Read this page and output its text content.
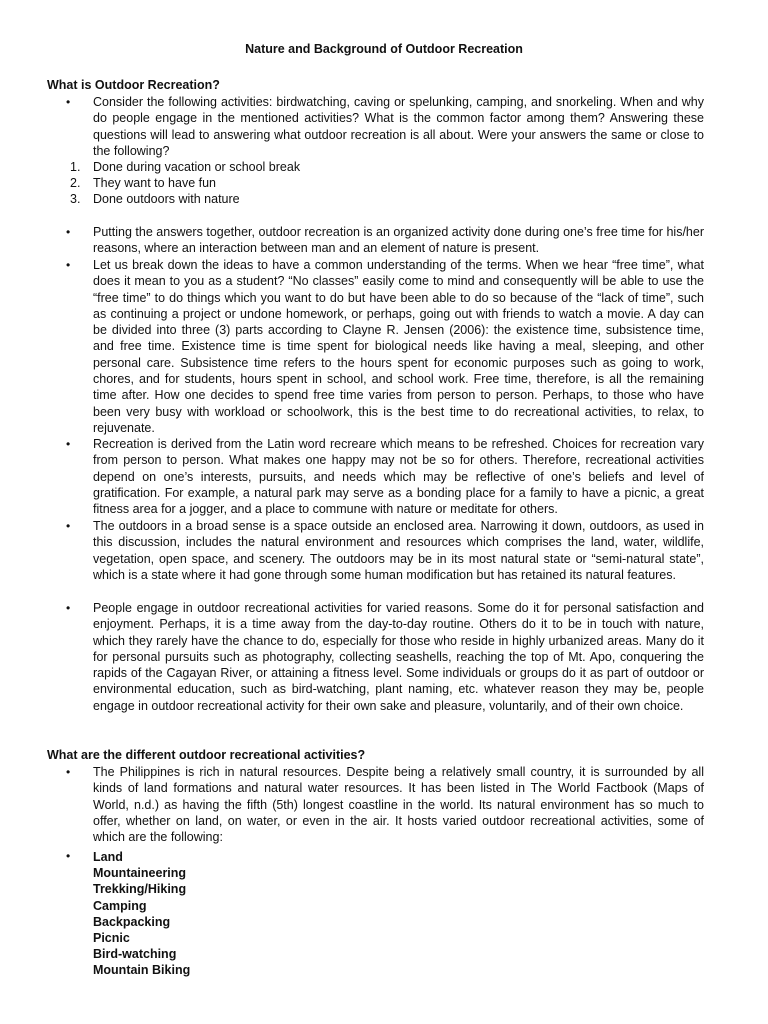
Nature and Background of Outdoor Recreation
What is Outdoor Recreation?
• Consider the following activities: birdwatching, caving or spelunking, camping, and snorkeling. When and why do people engage in the mentioned activities? What is the common factor among them? Answering these questions will lead to answering what outdoor recreation is all about. Were your answers the same or close to the following?
1. Done during vacation or school break
2. They want to have fun
3. Done outdoors with nature
• Putting the answers together, outdoor recreation is an organized activity done during one’s free time for his/her reasons, where an interaction between man and an element of nature is present.
• Let us break down the ideas to have a common understanding of the terms. When we hear “free time”, what does it mean to you as a student? “No classes” easily come to mind and consequently will be able to use the “free time” to do things which you want to do but have been able to do so because of the “lack of time”, such as continuing a project or undone homework, or perhaps, going out with friends to watch a movie. A day can be divided into three (3) parts according to Clayne R. Jensen (2006): the existence time, subsistence time, and free time. Existence time is time spent for biological needs like having a meal, sleeping, and other personal care. Subsistence time refers to the hours spent for economic purposes such as going to work, chores, and for students, hours spent in school, and school work. Free time, therefore, is all the remaining time after. How one decides to spend free time varies from person to person. Perhaps, to those who have been very busy with workload or schoolwork, this is the best time to do recreational activities, to relax, to rejuvenate.
• Recreation is derived from the Latin word recreare which means to be refreshed. Choices for recreation vary from person to person. What makes one happy may not be so for others. Therefore, recreational activities depend on one’s interests, pursuits, and needs which may be reflective of one’s beliefs and level of gratification. For example, a natural park may serve as a bonding place for a family to have a picnic, a great fitness area for a jogger, and a place to commune with nature or meditate for others.
• The outdoors in a broad sense is a space outside an enclosed area. Narrowing it down, outdoors, as used in this discussion, includes the natural environment and resources which comprises the land, water, wildlife, vegetation, open space, and scenery. The outdoors may be in its most natural state or “semi-natural state”, which is a state where it had gone through some human modification but has retained its natural features.
• People engage in outdoor recreational activities for varied reasons. Some do it for personal satisfaction and enjoyment. Perhaps, it is a time away from the day-to-day routine. Others do it to be in touch with nature, which they rarely have the chance to do, especially for those who reside in highly urbanized areas. Many do it for personal pursuits such as photography, collecting seashells, reaching the top of Mt. Apo, conquering the rapids of the Cagayan River, or attaining a fitness level. Some individuals or groups do it as part of outdoor or environmental education, such as bird-watching, plant naming, etc. whatever reason they may be, people engage in outdoor recreational activity for their own sake and pleasure, voluntarily, and of their own choice.
What are the different outdoor recreational activities?
• The Philippines is rich in natural resources. Despite being a relatively small country, it is surrounded by all kinds of land formations and natural water resources. It has been listed in The World Factbook (Maps of World, n.d.) as having the fifth (5th) longest coastline in the world. Its natural environment has so much to offer, whether on land, on water, or even in the air. It hosts varied outdoor recreational activities, some of which are the following:
• Land
Mountaineering
Trekking/Hiking
Camping
Backpacking
Picnic
Bird-watching
Mountain Biking
